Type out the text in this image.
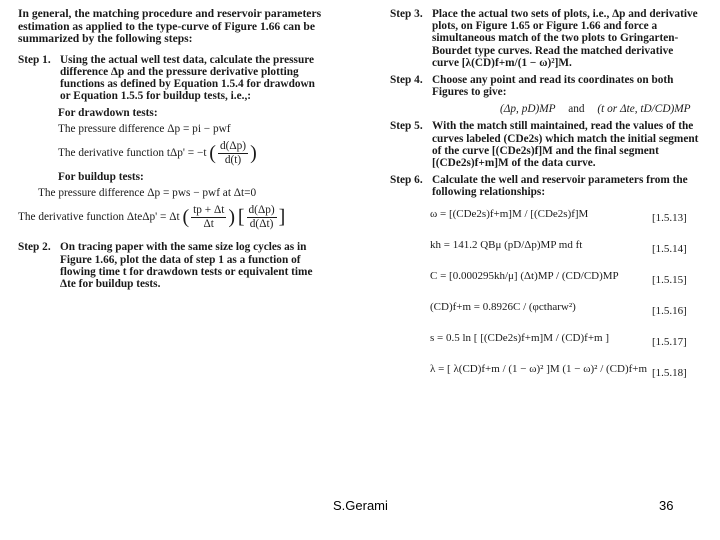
In general, the matching procedure and reservoir parameters estimation as applied to the type-curve of Figure 1.66 can be summarized by the following steps:

Step 1. Using the actual well test data, calculate the pressure difference Δp and the pressure derivative plotting functions as defined by Equation 1.5.4 for drawdown or Equation 1.5.5 for buildup tests, i.e.,:
For drawdown tests:
The pressure difference Δp = pi − pwf
The derivative function tΔp' = −t ( $\frac{d(\Delta p)}{d(t)}$ )
For buildup tests:
The pressure difference Δp = pws − pwf at Δt=0
The derivative function ΔteΔp' = Δt ( $\frac{tp + \Delta t}{\Delta t}$ ) [ $\frac{d(\Delta p)}{d(\Delta t)}$ ]
Step 2. On tracing paper with the same size log cycles as in Figure 1.66, plot the data of step 1 as a function of flowing time t for drawdown tests or equivalent time Δte for buildup tests.
Step 3. Place the actual two sets of plots, i.e., Δp and derivative plots, on Figure 1.65 or Figure 1.66 and force a simultaneous match of the two plots to Gringarten-Bourdet type curves. Read the matched derivative curve [λ(CD)f+m/(1 − ω)²]M.
Step 4. Choose any point and read its coordinates on both Figures to give:
(Δp, pD)MP and (t or Δte, tD/CD)MP
Step 5. With the match still maintained, read the values of the curves labeled (CDe2s) which match the initial segment of the curve [(CDe2s)f]M and the final segment [(CDe2s)f+m]M of the data curve.
Step 6. Calculate the well and reservoir parameters from the following relationships:
ω = [(CDe2s)f+m]M / [(CDe2s)f]M	[1.5.13]
kh = 141.2 QBμ (pD/Δp)MP md ft	[1.5.14]
C = [0.000295kh/μ] (Δt)MP / (CD/CD)MP	[1.5.15]
(CD)f+m = 0.8926C / (φctharw²)	[1.5.16]
s = 0.5 ln [ [(CDe2s)f+m]M / (CD)f+m ]	[1.5.17]
λ = [ λ(CD)f+m / (1 − ω)² ]M (1 − ω)² / (CD)f+m [1.5.18]
S.Gerami	36
